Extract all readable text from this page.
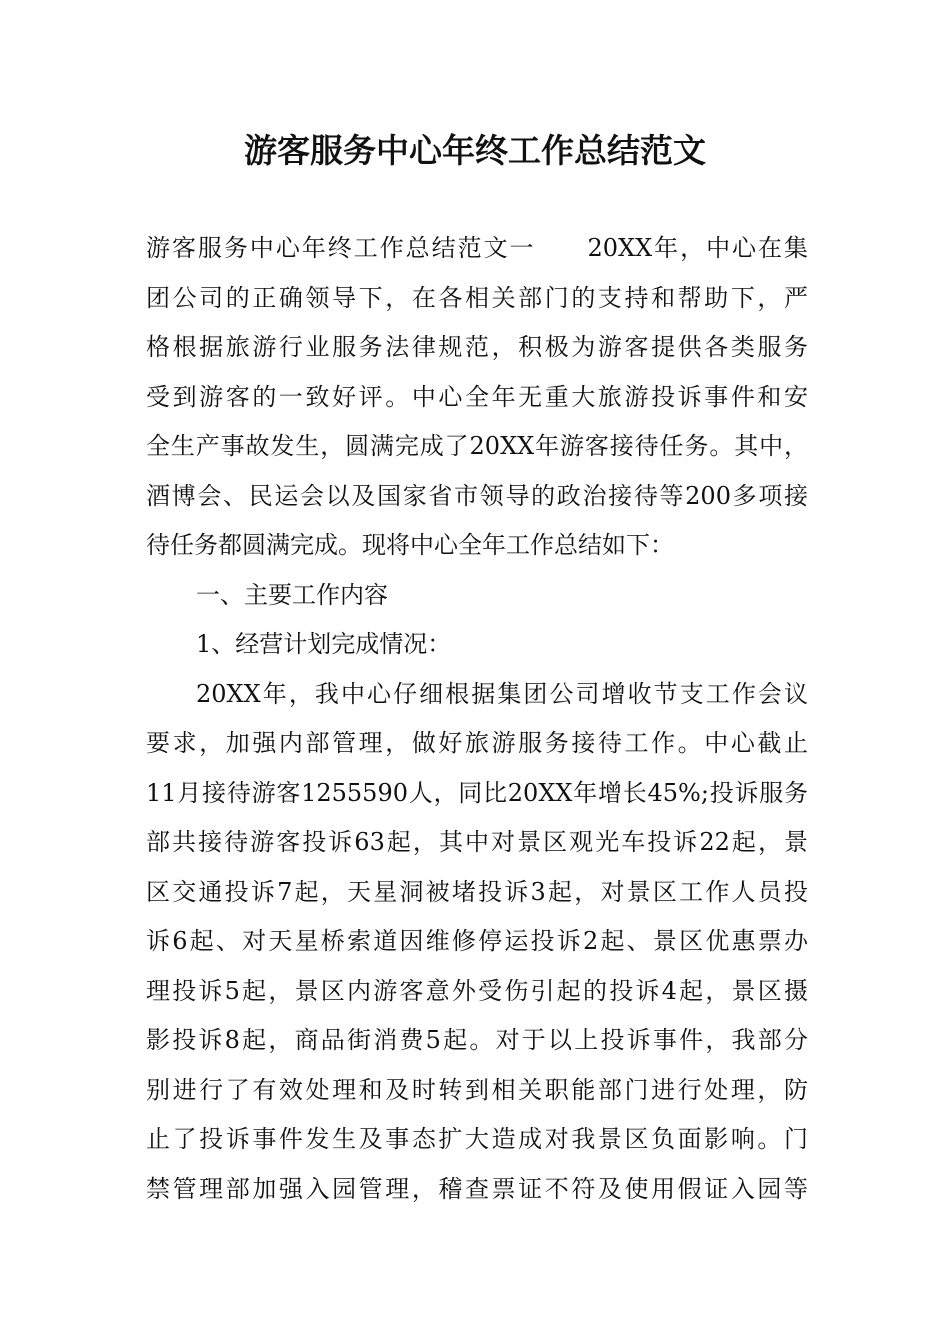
游客服务中心年终工作总结范文
游客服务中心年终工作总结范文一　　20XX年，中心在集
团公司的正确领导下，在各相关部门的支持和帮助下，严
格根据旅游行业服务法律规范，积极为游客提供各类服务
受到游客的一致好评。中心全年无重大旅游投诉事件和安
全生产事故发生，圆满完成了20XX年游客接待任务。其中，
酒博会、民运会以及国家省市领导的政治接待等200多项接
待任务都圆满完成。现将中心全年工作总结如下：
一、主要工作内容
1、经营计划完成情况：
20XX年，我中心仔细根据集团公司增收节支工作会议
要求，加强内部管理，做好旅游服务接待工作。中心截止
11月接待游客1255590人，同比20XX年增长45%;投诉服务
部共接待游客投诉63起，其中对景区观光车投诉22起，景
区交通投诉7起，天星洞被堵投诉3起，对景区工作人员投
诉6起、对天星桥索道因维修停运投诉2起、景区优惠票办
理投诉5起，景区内游客意外受伤引起的投诉4起，景区摄
影投诉8起，商品街消费5起。对于以上投诉事件，我部分
别进行了有效处理和及时转到相关职能部门进行处理，防
止了投诉事件发生及事态扩大造成对我景区负面影响。门
禁管理部加强入园管理，稽查票证不符及使用假证入园等
